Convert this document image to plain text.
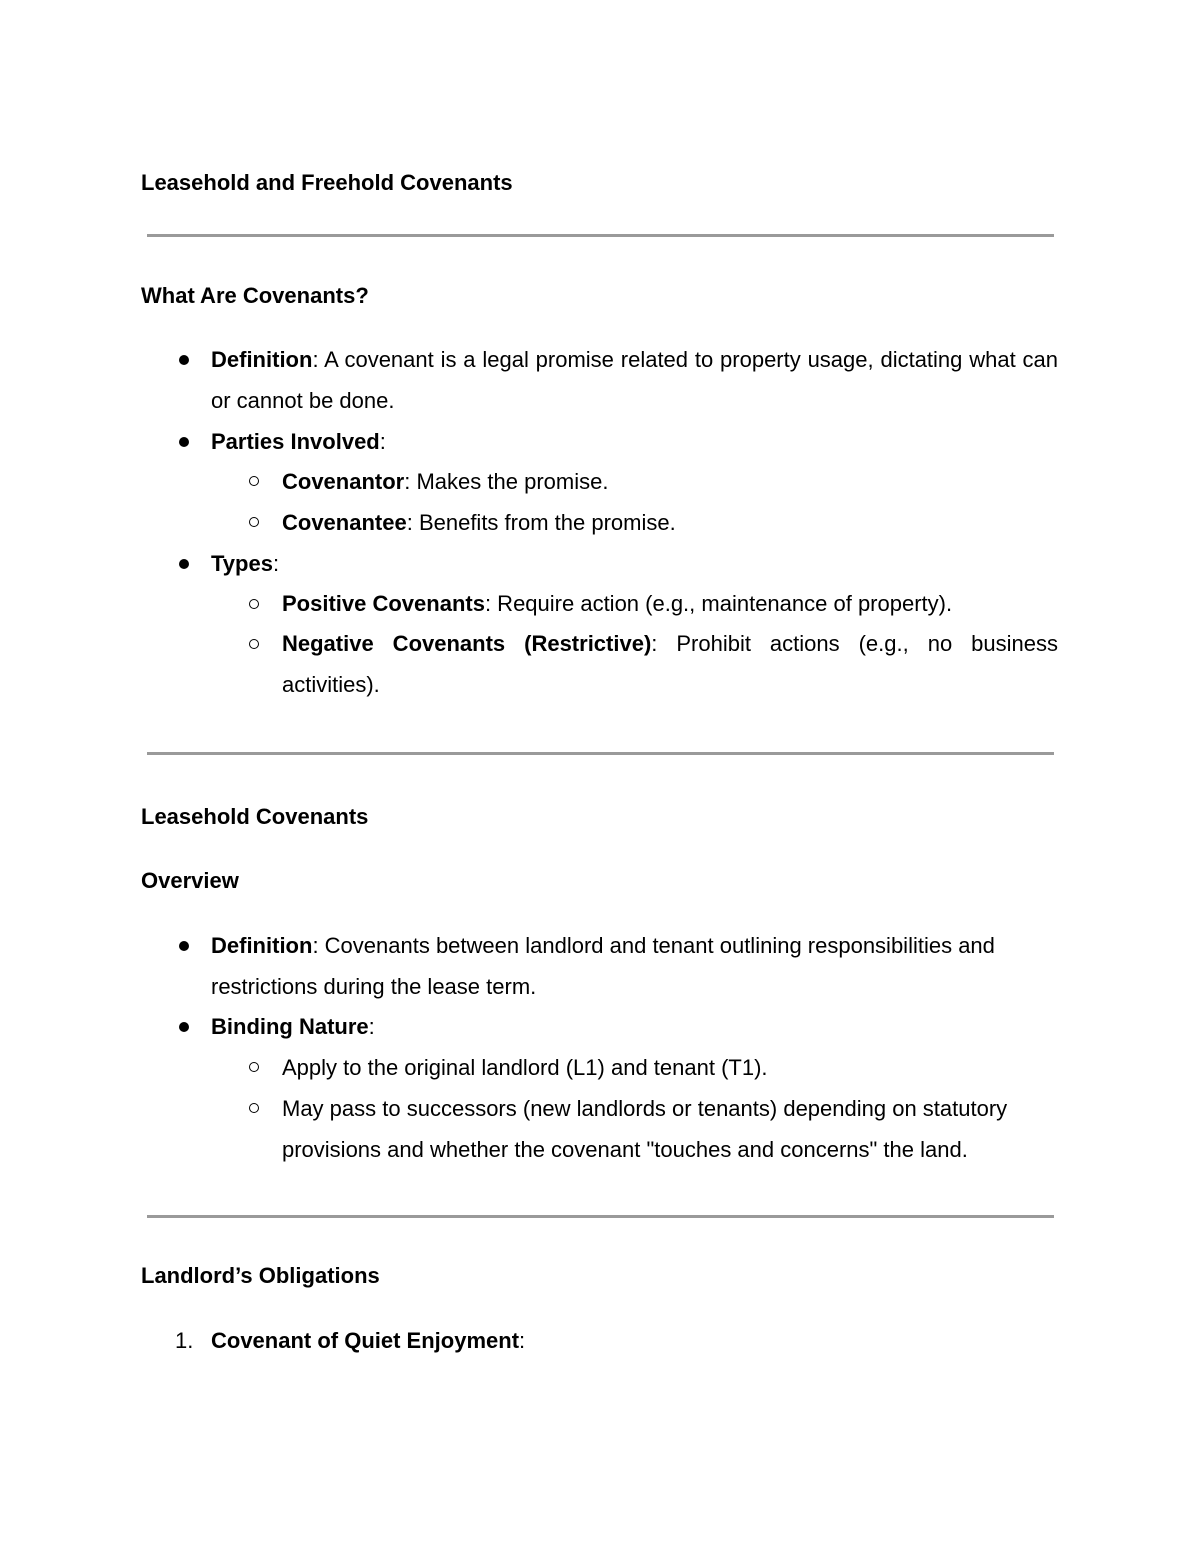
Leasehold and Freehold Covenants
What Are Covenants?

Definition: A covenant is a legal promise related to property usage, dictating what can or cannot be done.

Parties Involved:

Covenantor: Makes the promise.

Covenantee: Benefits from the promise.

Types:

Positive Covenants: Require action (e.g., maintenance of property).

Negative Covenants (Restrictive): Prohibit actions (e.g., no business activities).

Leasehold Covenants
Overview

Definition: Covenants between landlord and tenant outlining responsibilities and restrictions during the lease term.

Binding Nature:

Apply to the original landlord (L1) and tenant (T1).

May pass to successors (new landlords or tenants) depending on statutory provisions and whether the covenant "touches and concerns" the land.

Landlord’s Obligations
1. Covenant of Quiet Enjoyment:
